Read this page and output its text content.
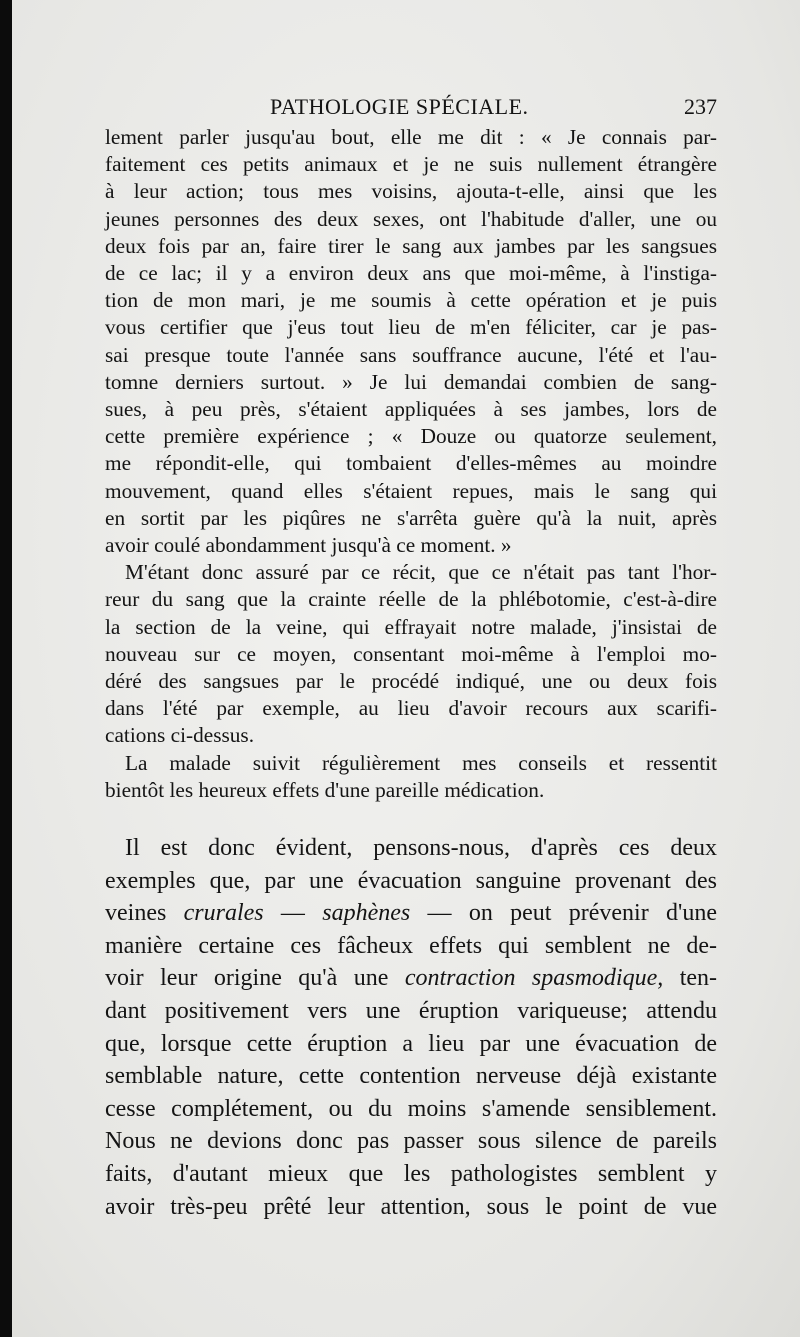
PATHOLOGIE SPÉCIALE.	237

lement parler jusqu'au bout, elle me dit : « Je connais par-
faitement ces petits animaux et je ne suis nullement étrangère
à leur action; tous mes voisins, ajouta-t-elle, ainsi que les
jeunes personnes des deux sexes, ont l'habitude d'aller, une ou
deux fois par an, faire tirer le sang aux jambes par les sangsues
de ce lac; il y a environ deux ans que moi-même, à l'instiga-
tion de mon mari, je me soumis à cette opération et je puis
vous certifier que j'eus tout lieu de m'en féliciter, car je pas-
sai presque toute l'année sans souffrance aucune, l'été et l'au-
tomne derniers surtout. » Je lui demandai combien de sang-
sues, à peu près, s'étaient appliquées à ses jambes, lors de
cette première expérience ; « Douze ou quatorze seulement,
me répondit-elle, qui tombaient d'elles-mêmes au moindre
mouvement, quand elles s'étaient repues, mais le sang qui
en sortit par les piqûres ne s'arrêta guère qu'à la nuit, après
avoir coulé abondamment jusqu'à ce moment. »

M'étant donc assuré par ce récit, que ce n'était pas tant l'hor-
reur du sang que la crainte réelle de la phlébotomie, c'est-à-dire
la section de la veine, qui effrayait notre malade, j'insistai de
nouveau sur ce moyen, consentant moi-même à l'emploi mo-
déré des sangsues par le procédé indiqué, une ou deux fois
dans l'été par exemple, au lieu d'avoir recours aux scarifi-
cations ci-dessus.

La malade suivit régulièrement mes conseils et ressentit
bientôt les heureux effets d'une pareille médication.

Il est donc évident, pensons-nous, d'après ces deux
exemples que, par une évacuation sanguine provenant des
veines crurales — saphènes — on peut prévenir d'une
manière certaine ces fâcheux effets qui semblent ne de-
voir leur origine qu'à une contraction spasmodique, ten-
dant positivement vers une éruption variqueuse; attendu
que, lorsque cette éruption a lieu par une évacuation de
semblable nature, cette contention nerveuse déjà existante
cesse complétement, ou du moins s'amende sensiblement.
Nous ne devions donc pas passer sous silence de pareils
faits, d'autant mieux que les pathologistes semblent y
avoir très-peu prêté leur attention, sous le point de vue
